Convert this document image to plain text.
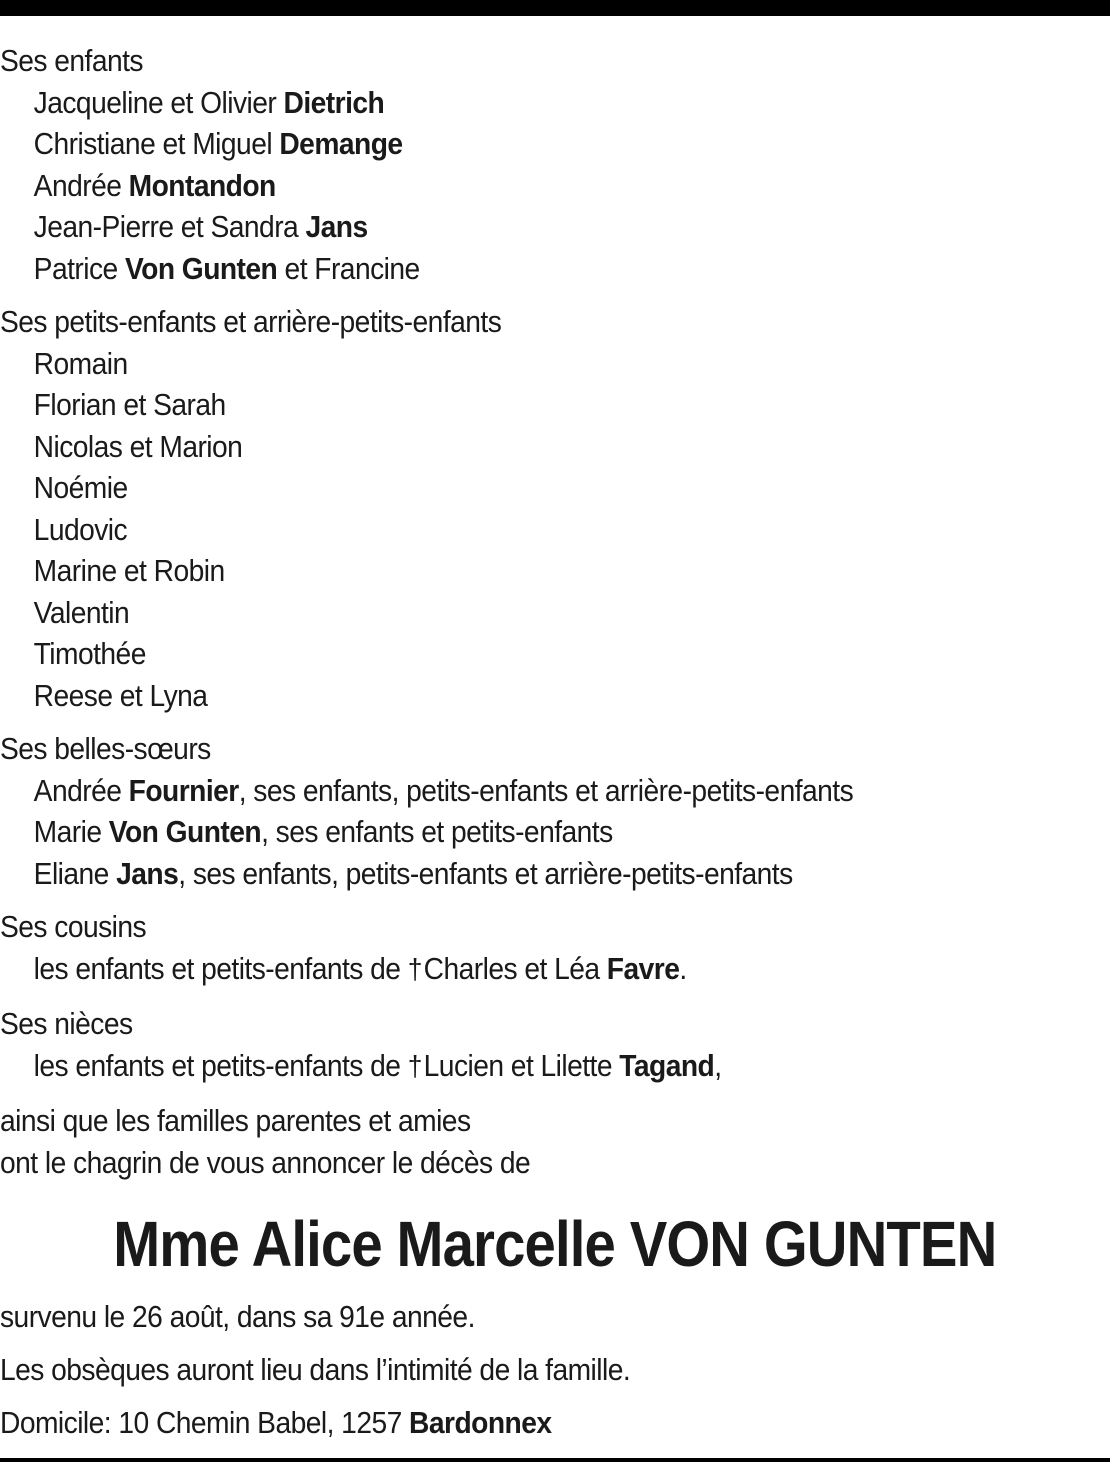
Ses enfants
Jacqueline et Olivier Dietrich
Christiane et Miguel Demange
Andrée Montandon
Jean-Pierre et Sandra Jans
Patrice Von Gunten et Francine
Ses petits-enfants et arrière-petits-enfants
Romain
Florian et Sarah
Nicolas et Marion
Noémie
Ludovic
Marine et Robin
Valentin
Timothée
Reese et Lyna
Ses belles-sœurs
Andrée Fournier, ses enfants, petits-enfants et arrière-petits-enfants
Marie Von Gunten, ses enfants et petits-enfants
Eliane Jans, ses enfants, petits-enfants et arrière-petits-enfants
Ses cousins
les enfants et petits-enfants de †Charles et Léa Favre.
Ses nièces
les enfants et petits-enfants de †Lucien et Lilette Tagand,
ainsi que les familles parentes et amies
ont le chagrin de vous annoncer le décès de
Mme Alice Marcelle VON GUNTEN
survenu le 26 août, dans sa 91e année.
Les obsèques auront lieu dans l’intimité de la famille.
Domicile: 10 Chemin Babel, 1257 Bardonnex
